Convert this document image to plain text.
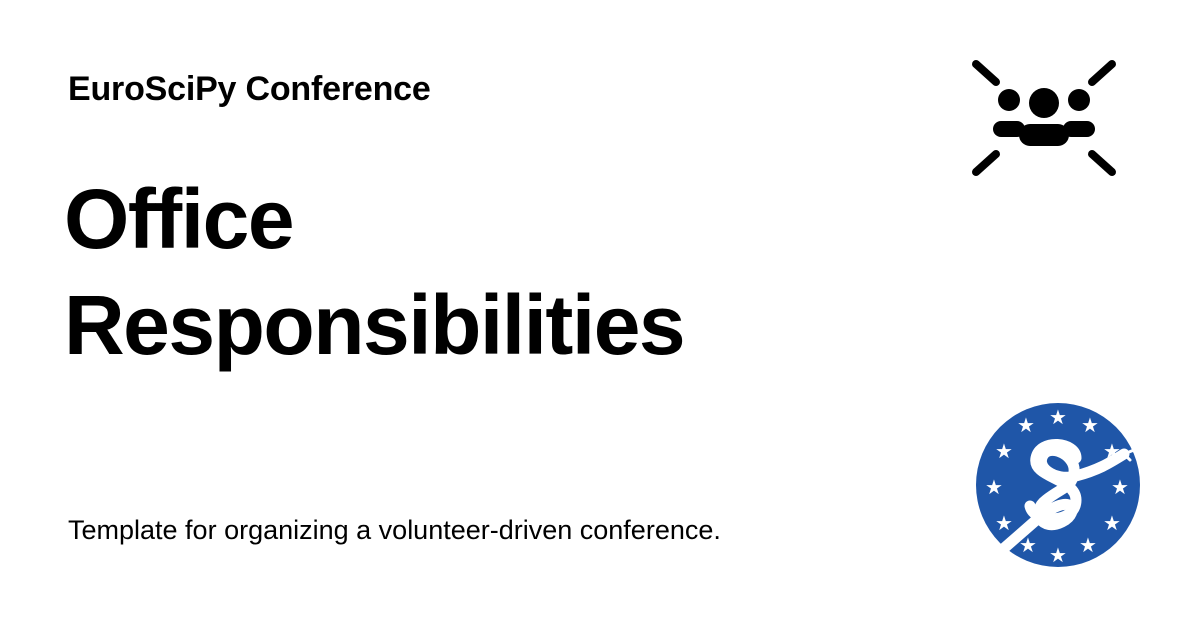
EuroSciPy Conference
Office
Responsibilities
Template for organizing a volunteer-driven conference.
★ ★
★
★
★
★
★
★
★
★
★
★
